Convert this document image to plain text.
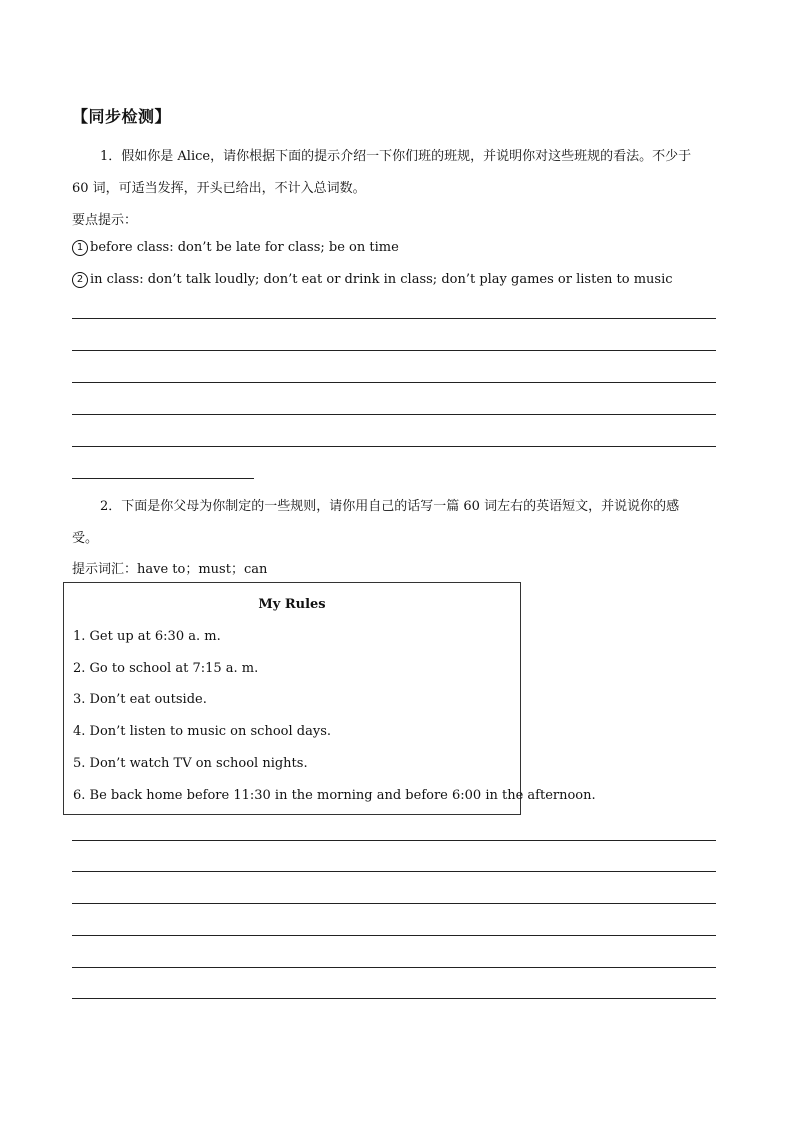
【同步检测】
1．假如你是 Alice，请你根据下面的提示介绍一下你们班的班规，并说明你对这些班规的看法。不少于
60 词，可适当发挥，开头已给出，不计入总词数。
要点提示：
1 before class: don’t be late for class; be on time
2 in class: don’t talk loudly; don’t eat or drink in class; don’t play games or listen to music
2．下面是你父母为你制定的一些规则，请你用自己的话写一篇 60 词左右的英语短文，并说说你的感
受。
提示词汇：have to；must；can
My Rules
1. Get up at 6:30 a. m.
2. Go to school at 7:15 a. m.
3. Don’t eat outside.
4. Don’t listen to music on school days.
5. Don’t watch TV on school nights.
6. Be back home before 11:30 in the morning and before 6:00 in the afternoon.
